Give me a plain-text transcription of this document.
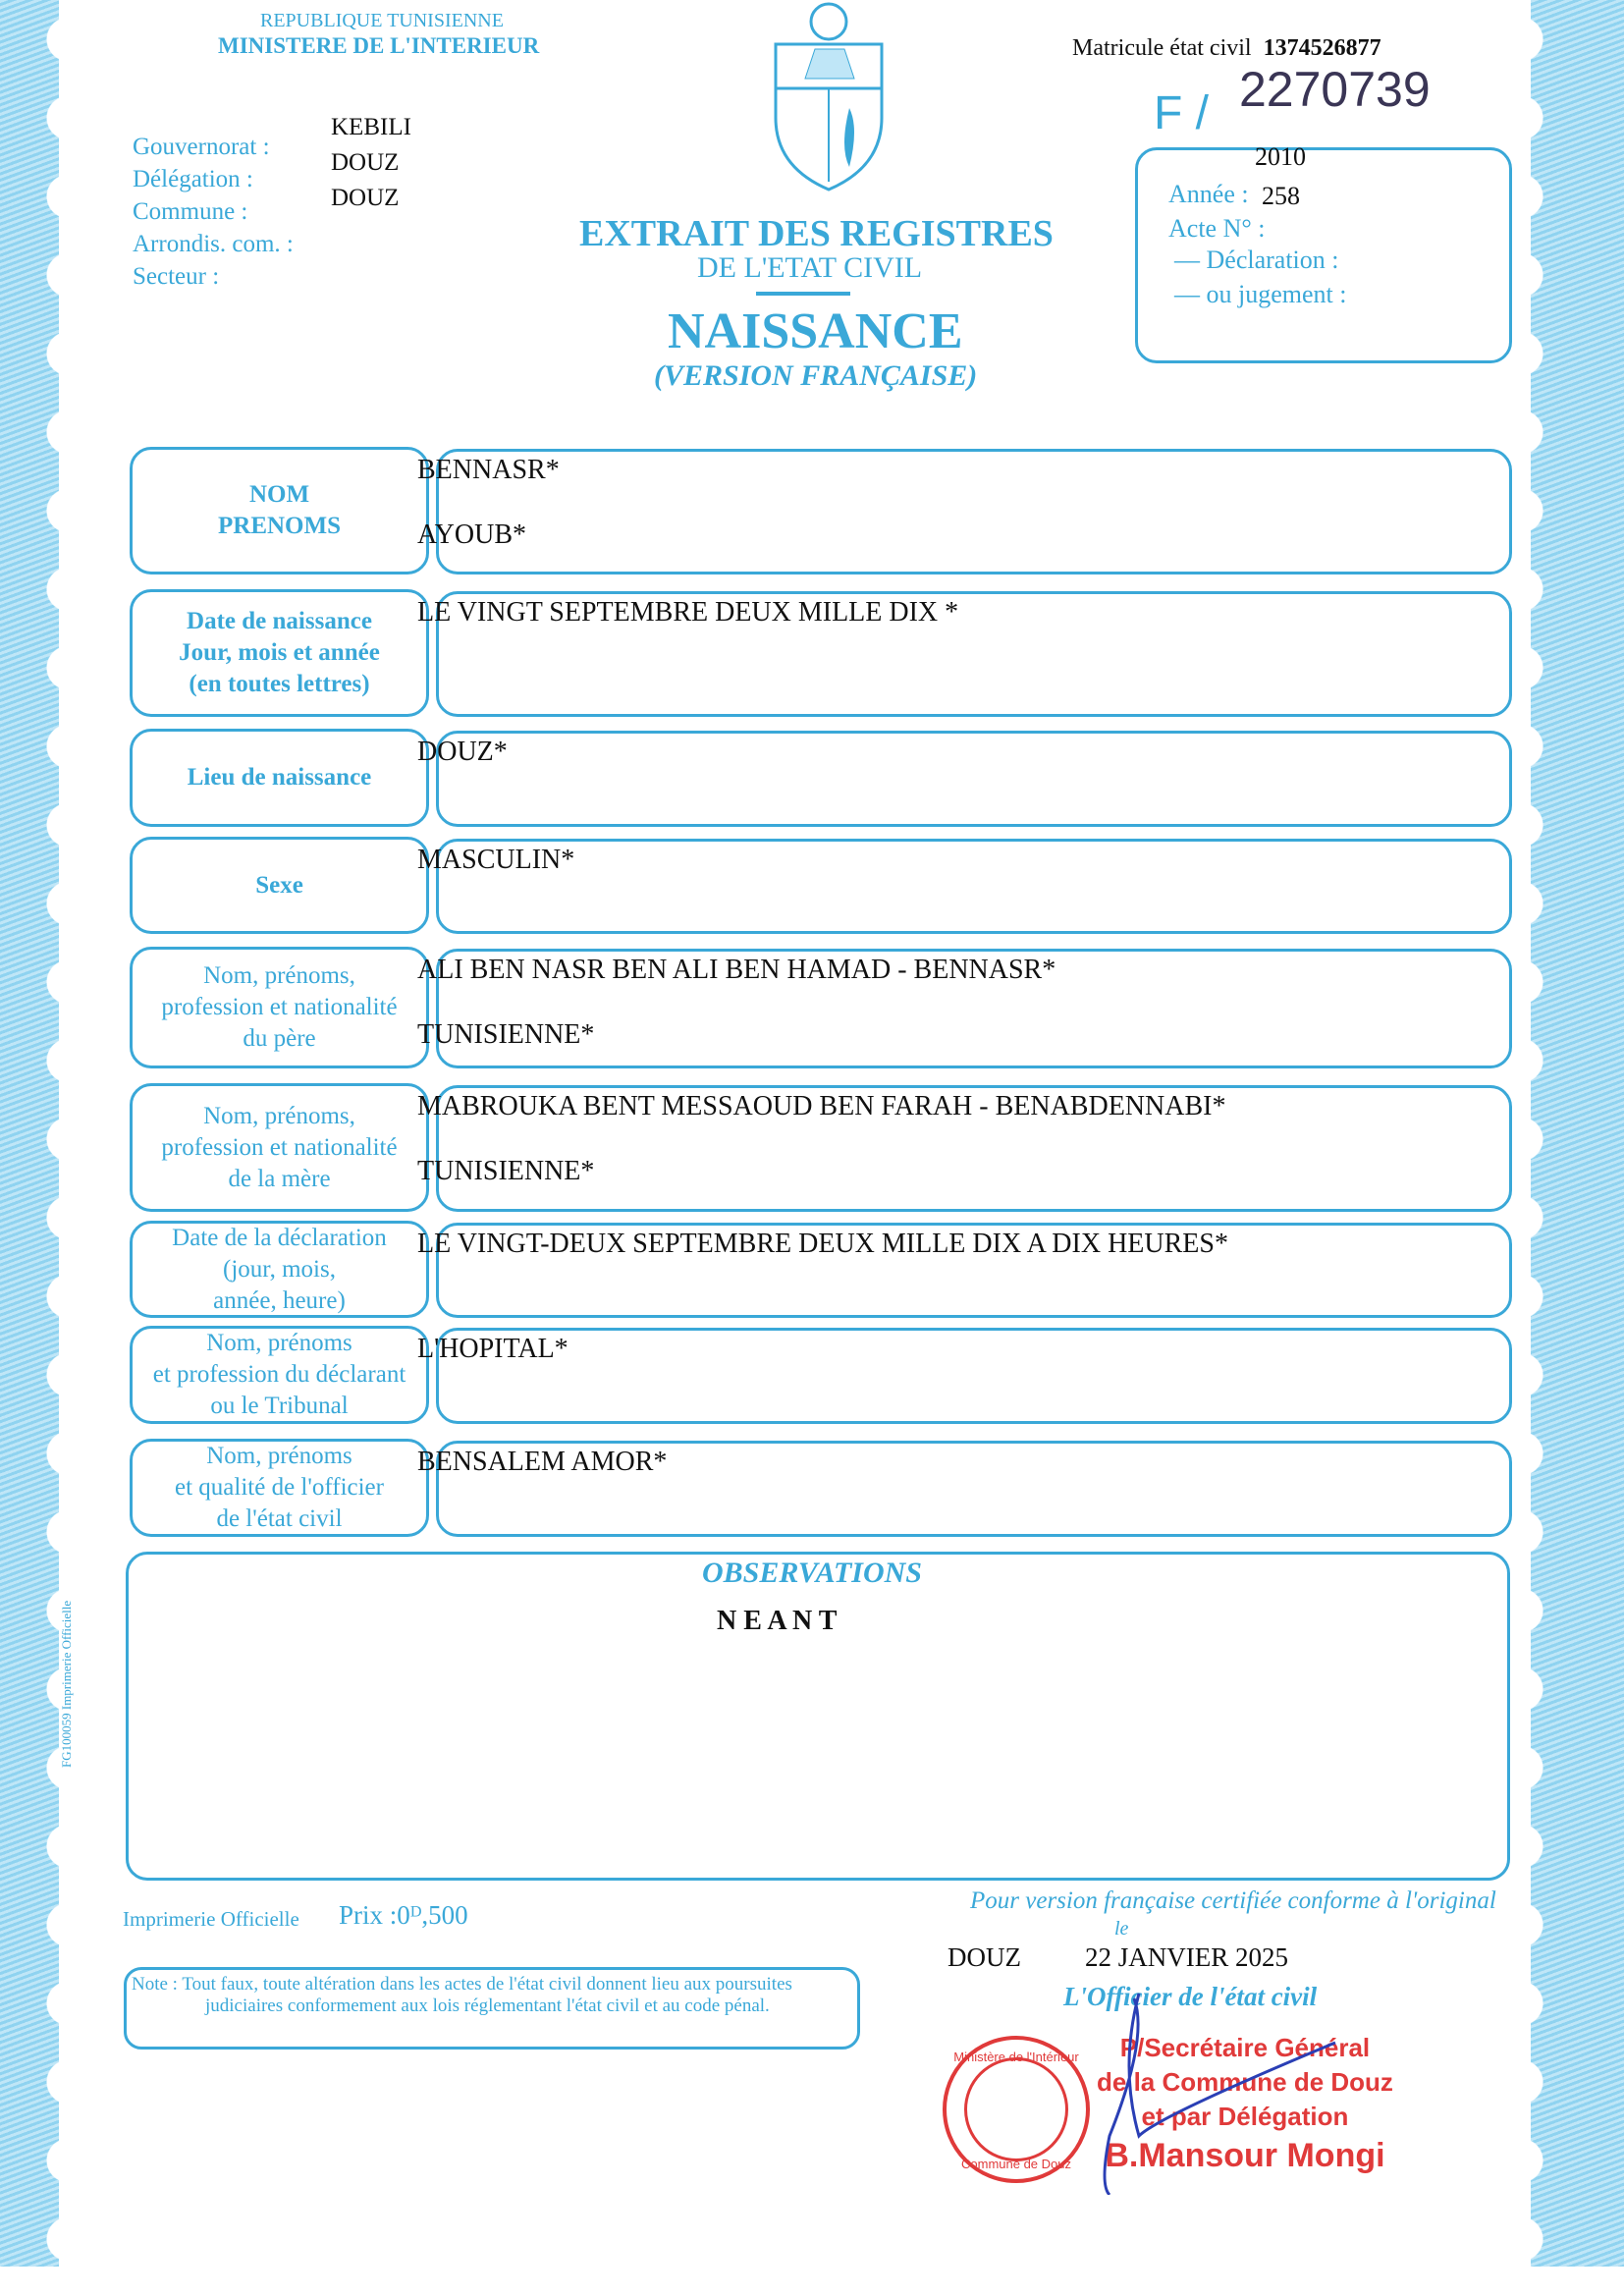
REPUBLIQUE TUNISIENNE
MINISTERE DE L'INTERIEUR
Gouvernorat :
Délégation :
Commune :
Arrondis. com. :
Secteur :
KEBILI
DOUZ
DOUZ
Matricule état civil 1374526877
F / 2270739
2010
Année : 258
Acte N° :
— Déclaration :
— ou jugement :
EXTRAIT DES REGISTRES
DE L'ETAT CIVIL
NAISSANCE
(VERSION FRANÇAISE)
NOM
PRENOMS
BENNASR*
AYOUB*
Date de naissance
Jour, mois et année
(en toutes lettres)
LE VINGT SEPTEMBRE DEUX MILLE DIX *
Lieu de naissance
DOUZ*
Sexe
MASCULIN*
Nom, prénoms,
profession et nationalité
du père
ALI BEN NASR BEN ALI BEN HAMAD - BENNASR*
TUNISIENNE*
Nom, prénoms,
profession et nationalité
de la mère
MABROUKA BENT MESSAOUD BEN FARAH - BENABDENNABI*
TUNISIENNE*
Date de la déclaration
(jour, mois,
année, heure)
LE VINGT-DEUX SEPTEMBRE DEUX MILLE DIX A DIX HEURES*
Nom, prénoms
et profession du déclarant
ou le Tribunal
L'HOPITAL*
Nom, prénoms
et qualité de l'officier
de l'état civil
BENSALEM AMOR*
OBSERVATIONS
N E A N T
FG100059 Imprimerie Officielle
Imprimerie Officielle Prix :0ᴰ,500
Note : Tout faux, toute altération dans les actes de l'état civil donnent lieu aux poursuites judiciaires conformement aux lois réglementant l'état civil et au code pénal.
Pour version française certifiée conforme à l'original
le
DOUZ 22 JANVIER 2025
L'Officier de l'état civil
Ministère de l'Intérieur
Commune de Douz
P/Secrétaire Général
de la Commune de Douz
et par Délégation
B.Mansour Mongi
